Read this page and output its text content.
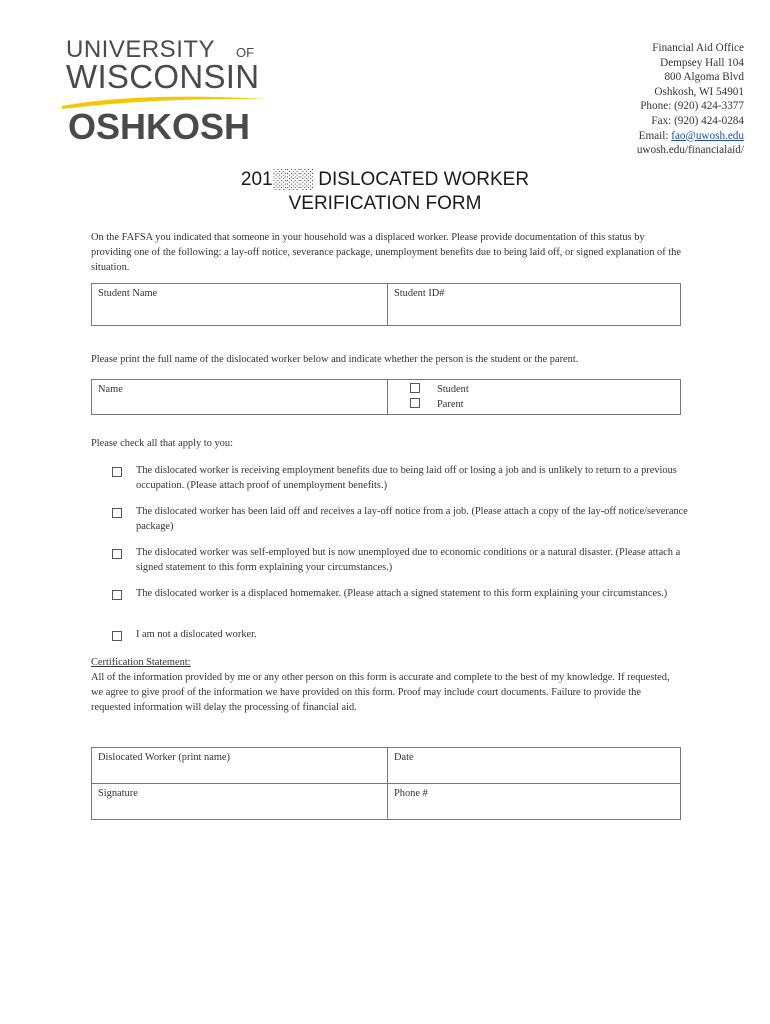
UNIVERSITY OF
WISCONSIN
OSHKOSH
Financial Aid Office
Dempsey Hall 104
800 Algoma Blvd
Oshkosh, WI 54901
Phone: (920) 424-3377
Fax: (920) 424-0284
Email: fao@uwosh.edu
uwosh.edu/financialaid/
201░░░ DISLOCATED WORKER
VERIFICATION FORM

On the FAFSA you indicated that someone in your household was a displaced worker. Please provide documentation of this status by providing one of the following: a lay-off notice, severance package, unemployment benefits due to being laid off, or signed explanation of the situation.

Student Name	Student ID#

Please print the full name of the dislocated worker below and indicate whether the person is the student or the parent.

Name	Student
Parent

Please check all that apply to you:

The dislocated worker is receiving employment benefits due to being laid off or losing a job and is unlikely to return to a previous occupation. (Please attach proof of unemployment benefits.)
The dislocated worker has been laid off and receives a lay-off notice from a job. (Please attach a copy of the lay-off notice/severance package)
The dislocated worker was self-employed but is now unemployed due to economic conditions or a natural disaster. (Please attach a signed statement to this form explaining your circumstances.)
The dislocated worker is a displaced homemaker. (Please attach a signed statement to this form explaining your circumstances.)
I am not a dislocated worker.
Certification Statement:
All of the information provided by me or any other person on this form is accurate and complete to the best of my knowledge. If requested, we agree to give proof of the information we have provided on this form. Proof may include court documents. Failure to provide the requested information will delay the processing of financial aid.
Dislocated Worker (print name)	Date
Signature	Phone #
